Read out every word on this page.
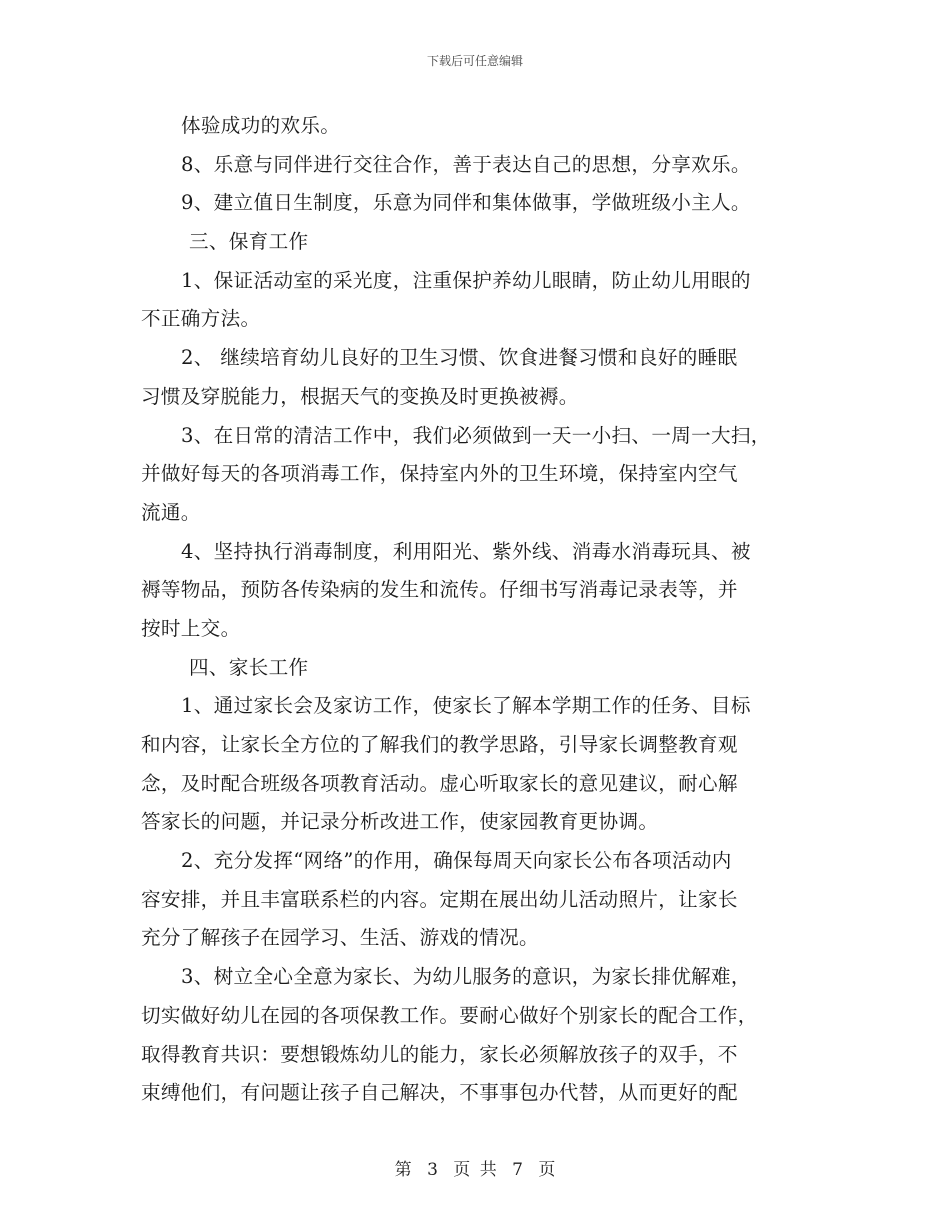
下载后可任意编辑
体验成功的欢乐。
8、乐意与同伴进行交往合作，善于表达自己的思想，分享欢乐。
9、建立值日生制度，乐意为同伴和集体做事，学做班级小主人。
三、保育工作
1、保证活动室的采光度，注重保护养幼儿眼睛，防止幼儿用眼的
不正确方法。
2、 继续培育幼儿良好的卫生习惯、饮食进餐习惯和良好的睡眠
习惯及穿脱能力，根据天气的变换及时更换被褥。
3、在日常的清洁工作中，我们必须做到一天一小扫、一周一大扫，
并做好每天的各项消毒工作，保持室内外的卫生环境，保持室内空气
流通。
4、坚持执行消毒制度，利用阳光、紫外线、消毒水消毒玩具、被
褥等物品，预防各传染病的发生和流传。仔细书写消毒记录表等，并
按时上交。
四、家长工作
1、通过家长会及家访工作，使家长了解本学期工作的任务、目标
和内容，让家长全方位的了解我们的教学思路，引导家长调整教育观
念，及时配合班级各项教育活动。虚心听取家长的意见建议，耐心解
答家长的问题，并记录分析改进工作，使家园教育更协调。
2、充分发挥“网络”的作用，确保每周天向家长公布各项活动内
容安排，并且丰富联系栏的内容。定期在展出幼儿活动照片，让家长
充分了解孩子在园学习、生活、游戏的情况。
3、树立全心全意为家长、为幼儿服务的意识，为家长排优解难，
切实做好幼儿在园的各项保教工作。要耐心做好个别家长的配合工作，
取得教育共识：要想锻炼幼儿的能力，家长必须解放孩子的双手，不
束缚他们，有问题让孩子自己解决，不事事包办代替，从而更好的配
第 3 页 共 7 页
